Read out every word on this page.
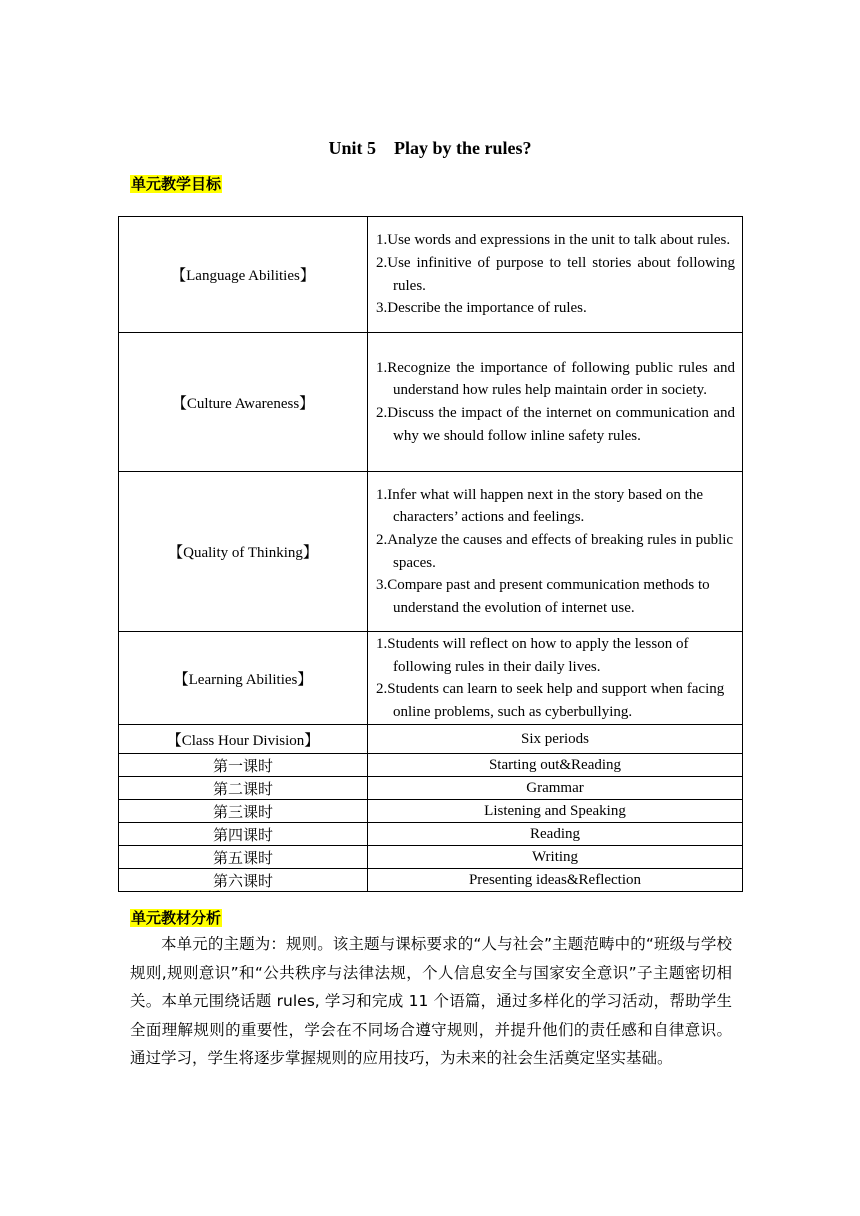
Unit 5    Play by the rules?
单元教学目标
【Language Abilities】	1.Use words and expressions in the unit to talk about rules.
2.Use infinitive of purpose to tell stories about following rules.
3.Describe the importance of rules.

【Culture Awareness】	1.Recognize the importance of following public rules and understand how rules help maintain order in society.
2.Discuss the impact of the internet on communication and why we should follow inline safety rules.

【Quality of Thinking】	1.Infer what will happen next in the story based on the characters’ actions and feelings.
2.Analyze the causes and effects of breaking rules in public spaces.
3.Compare past and present communication methods to understand the evolution of internet use.

【Learning Abilities】	1.Students will reflect on how to apply the lesson of following rules in their daily lives.
2.Students can learn to seek help and support when facing online problems, such as cyberbullying.

【Class Hour Division】	Six periods
第一课时	Starting out&Reading
第二课时	Grammar
第三课时	Listening and Speaking
第四课时	Reading
第五课时	Writing
第六课时	Presenting ideas&Reflection
单元教材分析
本单元的主题为：规则。该主题与课标要求的“人与社会”主题范畴中的“班级与学校规则,规则意识”和“公共秩序与法律法规，个人信息安全与国家安全意识”子主题密切相关。本单元围绕话题 rules, 学习和完成 11 个语篇，通过多样化的学习活动，帮助学生全面理解规则的重要性，学会在不同场合遵守规则，并提升他们的责任感和自律意识。通过学习，学生将逐步掌握规则的应用技巧，为未来的社会生活奠定坚实基础。
